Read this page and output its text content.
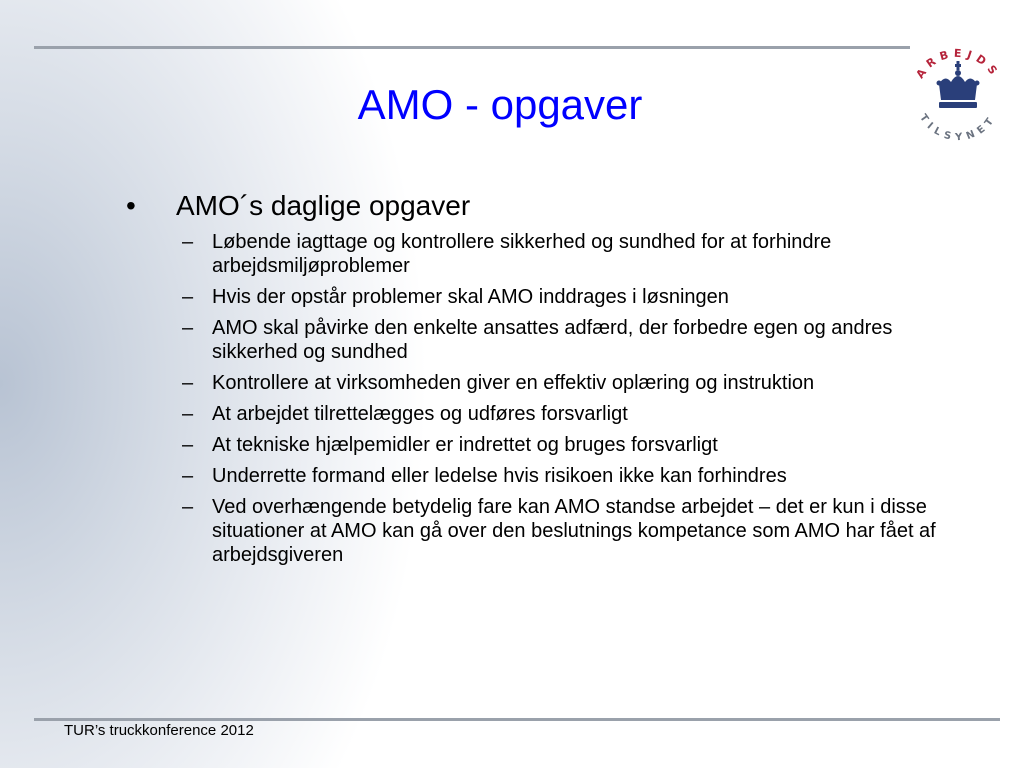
AMO - opgaver
ARBEJDS
TILSYNET
•	AMO´s daglige opgaver
– Løbende iagttage og kontrollere sikkerhed og sundhed for at forhindre arbejdsmiljøproblemer
– Hvis der opstår problemer skal AMO inddrages i løsningen
– AMO skal påvirke den enkelte ansattes adfærd, der forbedre egen og andres sikkerhed og sundhed
– Kontrollere at virksomheden giver en effektiv oplæring og instruktion
– At arbejdet tilrettelægges og udføres forsvarligt
– At tekniske hjælpemidler er indrettet og bruges forsvarligt
– Underrette formand eller ledelse hvis risikoen ikke kan forhindres
– Ved overhængende betydelig fare kan AMO standse arbejdet – det er kun i disse situationer at AMO kan gå over den beslutnings kompetance som AMO har fået af arbejdsgiveren
TUR’s truckkonference 2012
